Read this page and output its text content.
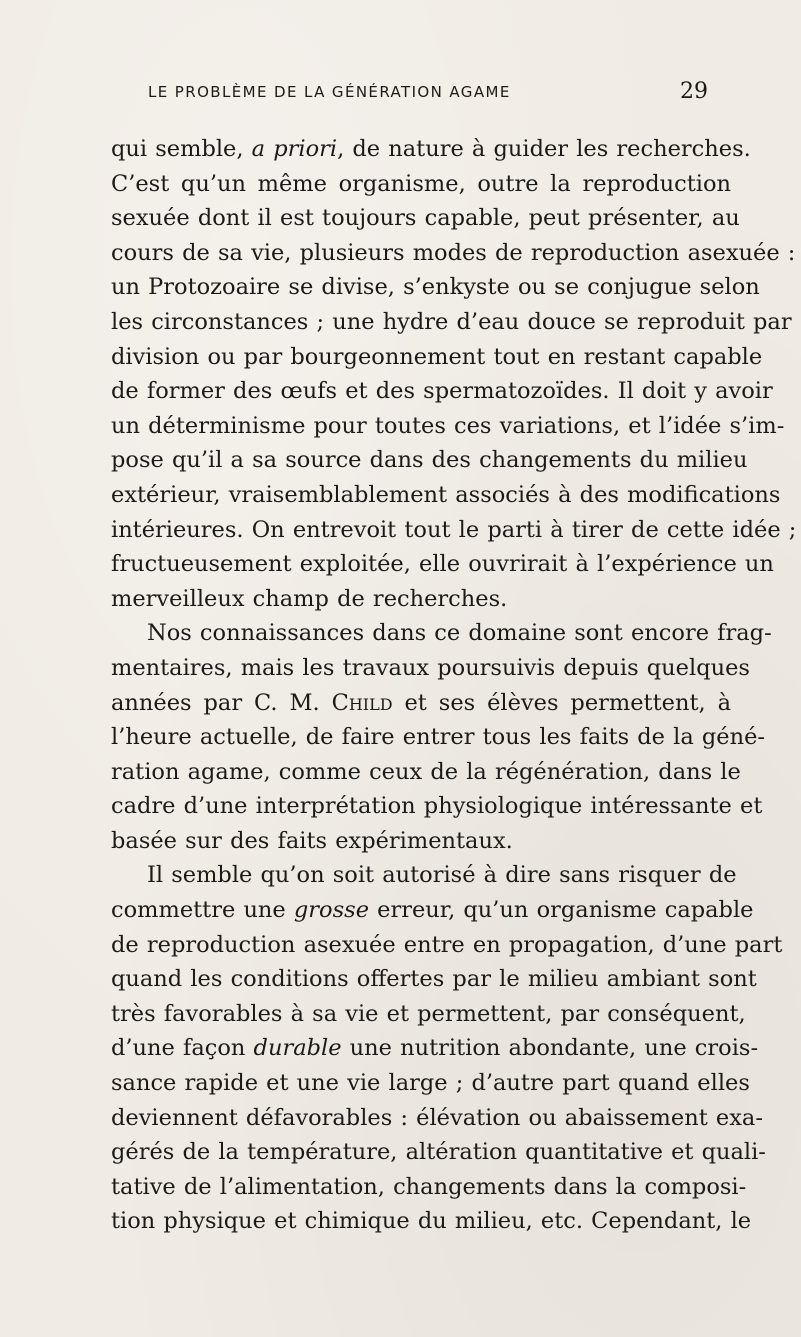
LE PROBLÈME DE LA GÉNÉRATION AGAME	29
qui semble, a priori, de nature à guider les recherches.
C’est qu’un même organisme, outre la reproduction
sexuée dont il est toujours capable, peut présenter, au
cours de sa vie, plusieurs modes de reproduction asexuée :
un Protozoaire se divise, s’enkyste ou se conjugue selon
les circonstances ; une hydre d’eau douce se reproduit par
division ou par bourgeonnement tout en restant capable
de former des œufs et des spermatozoïdes. Il doit y avoir
un déterminisme pour toutes ces variations, et l’idée s’im-
pose qu’il a sa source dans des changements du milieu
extérieur, vraisemblablement associés à des modifications
intérieures. On entrevoit tout le parti à tirer de cette idée ;
fructueusement exploitée, elle ouvrirait à l’expérience un
merveilleux champ de recherches.
Nos connaissances dans ce domaine sont encore frag-
mentaires, mais les travaux poursuivis depuis quelques
années par C. M. Child et ses élèves permettent, à
l’heure actuelle, de faire entrer tous les faits de la géné-
ration agame, comme ceux de la régénération, dans le
cadre d’une interprétation physiologique intéressante et
basée sur des faits expérimentaux.
Il semble qu’on soit autorisé à dire sans risquer de
commettre une grosse erreur, qu’un organisme capable
de reproduction asexuée entre en propagation, d’une part
quand les conditions offertes par le milieu ambiant sont
très favorables à sa vie et permettent, par conséquent,
d’une façon durable une nutrition abondante, une crois-
sance rapide et une vie large ; d’autre part quand elles
deviennent défavorables : élévation ou abaissement exa-
gérés de la température, altération quantitative et quali-
tative de l’alimentation, changements dans la composi-
tion physique et chimique du milieu, etc. Cependant, le
